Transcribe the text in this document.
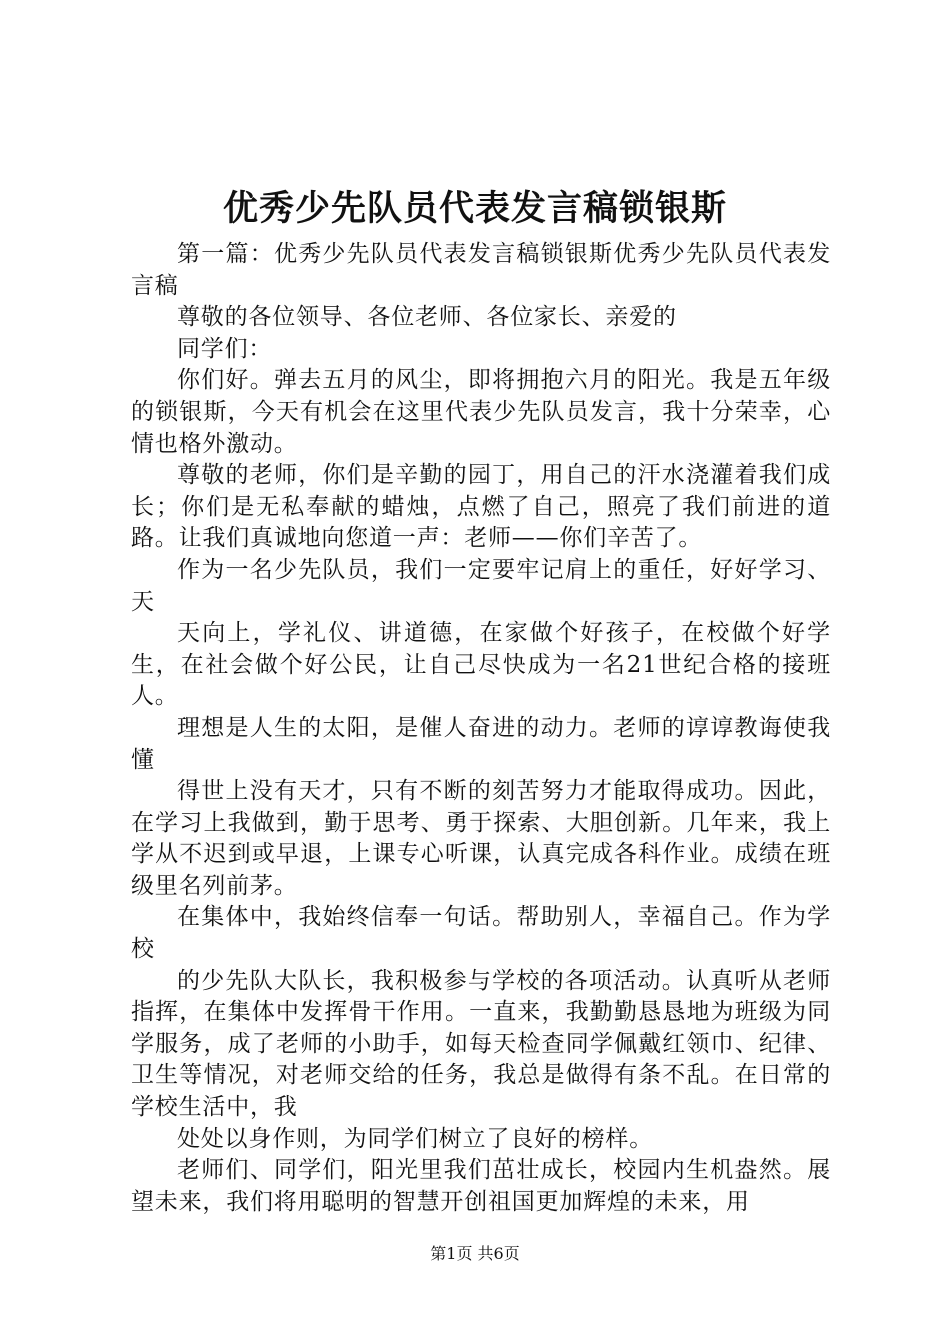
优秀少先队员代表发言稿锁银斯

第一篇：优秀少先队员代表发言稿锁银斯优秀少先队员代表发言稿

尊敬的各位领导、各位老师、各位家长、亲爱的

同学们：

你们好。弹去五月的风尘，即将拥抱六月的阳光。我是五年级的锁银斯，今天有机会在这里代表少先队员发言，我十分荣幸，心情也格外激动。

尊敬的老师，你们是辛勤的园丁，用自己的汗水浇灌着我们成长；你们是无私奉献的蜡烛，点燃了自己，照亮了我们前进的道路。让我们真诚地向您道一声：老师——你们辛苦了。

作为一名少先队员，我们一定要牢记肩上的重任，好好学习、天

天向上，学礼仪、讲道德，在家做个好孩子，在校做个好学生，在社会做个好公民，让自己尽快成为一名21世纪合格的接班人。

理想是人生的太阳，是催人奋进的动力。老师的谆谆教诲使我懂

得世上没有天才，只有不断的刻苦努力才能取得成功。因此，在学习上我做到，勤于思考、勇于探索、大胆创新。几年来，我上学从不迟到或早退，上课专心听课，认真完成各科作业。成绩在班级里名列前茅。

在集体中，我始终信奉一句话。帮助别人，幸福自己。作为学校

的少先队大队长，我积极参与学校的各项活动。认真听从老师指挥，在集体中发挥骨干作用。一直来，我勤勤恳恳地为班级为同学服务，成了老师的小助手，如每天检查同学佩戴红领巾、纪律、卫生等情况，对老师交给的任务，我总是做得有条不乱。在日常的学校生活中，我

处处以身作则，为同学们树立了良好的榜样。

老师们、同学们，阳光里我们茁壮成长，校园内生机盎然。展望未来，我们将用聪明的智慧开创祖国更加辉煌的未来，用

第1页 共6页
